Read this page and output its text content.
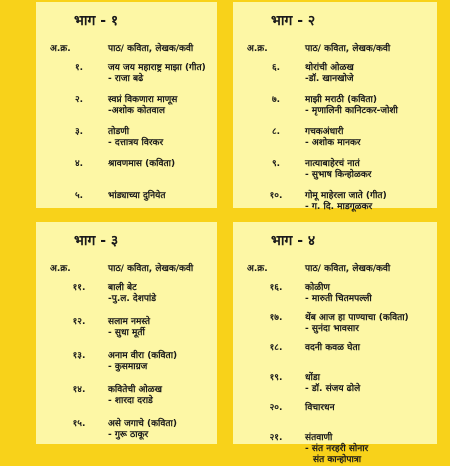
भाग - १
अ.क्र.	पाठ/ कविता, लेखक/कवी
१.	जय जय महाराष्ट्र माझा (गीत)
- राजा बढे
२.	स्वप्नं विकणारा माणूस
-अशोक कोतवाल
३.	तोडणी
- दत्तात्रय विरकर
४.	श्रावणमास (कविता)
५.	भांड्याच्या दुनियेत
भाग - २
अ.क्र.	पाठ/ कविता, लेखक/कवी
६.	थोरांची ओळख
-डॉ. खानखोजे
७.	माझी मराठी (कविता)
- मृणालिनी कानिटकर-जोशी
८.	गचकअंधारी
- अशोक मानकर
९.	नात्याबाहेरचं नातं
- सुभाष किन्होळकर
१०.	गोमू माहेरला जाते (गीत)
- ग. दि. माडगूळकर
भाग - ३
अ.क्र.	पाठ/ कविता, लेखक/कवी
११.	बाली बेट
-पु.ल. देशपांडे
१२.	सलाम नमस्ते
- सुधा मूर्ती
१३.	अनाम वीरा (कविता)
- कुसमाग्रज
१४.	कवितेची ओळख
- शारदा दराडे
१५.	असे जगाचे (कविता)
- गुरू ठाकूर
भाग - ४
अ.क्र.	पाठ/ कविता, लेखक/कवी
१६.	कोळीण
- मारुती चितमपल्ली
१७.	थेंब आज हा पाण्याचा (कविता)
- सुनंदा भावसार
१८.	वदनी कवळ घेता
१९.	धोंडा
- डॉ. संजय ढोले
२०.	विचारधन
२१.	संतवाणी
- संत नरहरी सोनार
संत कान्होपात्रा
